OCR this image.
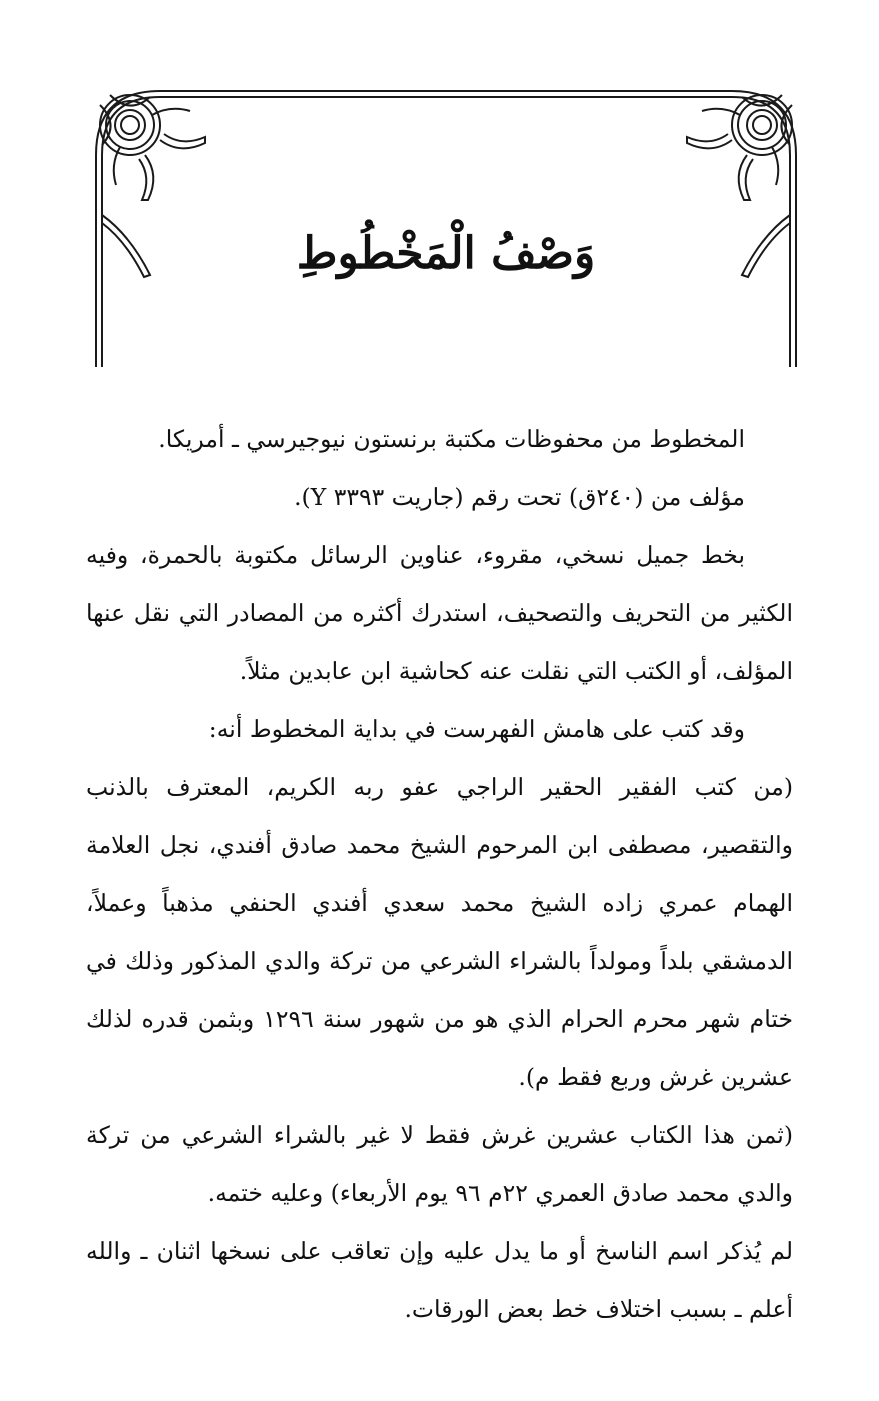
وَصْفُ الْمَخْطُوطِ

المخطوط من محفوظات مكتبة برنستون نيوجيرسي ـ أمريكا.

مؤلف من (٢٤٠ق) تحت رقم (جاريت ٣٣٩٣ Y).

بخط جميل نسخي، مقروء، عناوين الرسائل مكتوبة بالحمرة، وفيه الكثير من التحريف والتصحيف، استدرك أكثره من المصادر التي نقل عنها المؤلف، أو الكتب التي نقلت عنه كحاشية ابن عابدين مثلاً.

وقد كتب على هامش الفهرست في بداية المخطوط أنه:

(من كتب الفقير الحقير الراجي عفو ربه الكريم، المعترف بالذنب والتقصير، مصطفى ابن المرحوم الشيخ محمد صادق أفندي، نجل العلامة الهمام عمري زاده الشيخ محمد سعدي أفندي الحنفي مذهباً وعملاً، الدمشقي بلداً ومولداً بالشراء الشرعي من تركة والدي المذكور وذلك في ختام شهر محرم الحرام الذي هو من شهور سنة ١٢٩٦ وبثمن قدره لذلك عشرين غرش وربع فقط م).

(ثمن هذا الكتاب عشرين غرش فقط لا غير بالشراء الشرعي من تركة والدي محمد صادق العمري ٢٢م ٩٦ يوم الأربعاء) وعليه ختمه.

لم يُذكر اسم الناسخ أو ما يدل عليه وإن تعاقب على نسخها اثنان ـ والله أعلم ـ بسبب اختلاف خط بعض الورقات.
